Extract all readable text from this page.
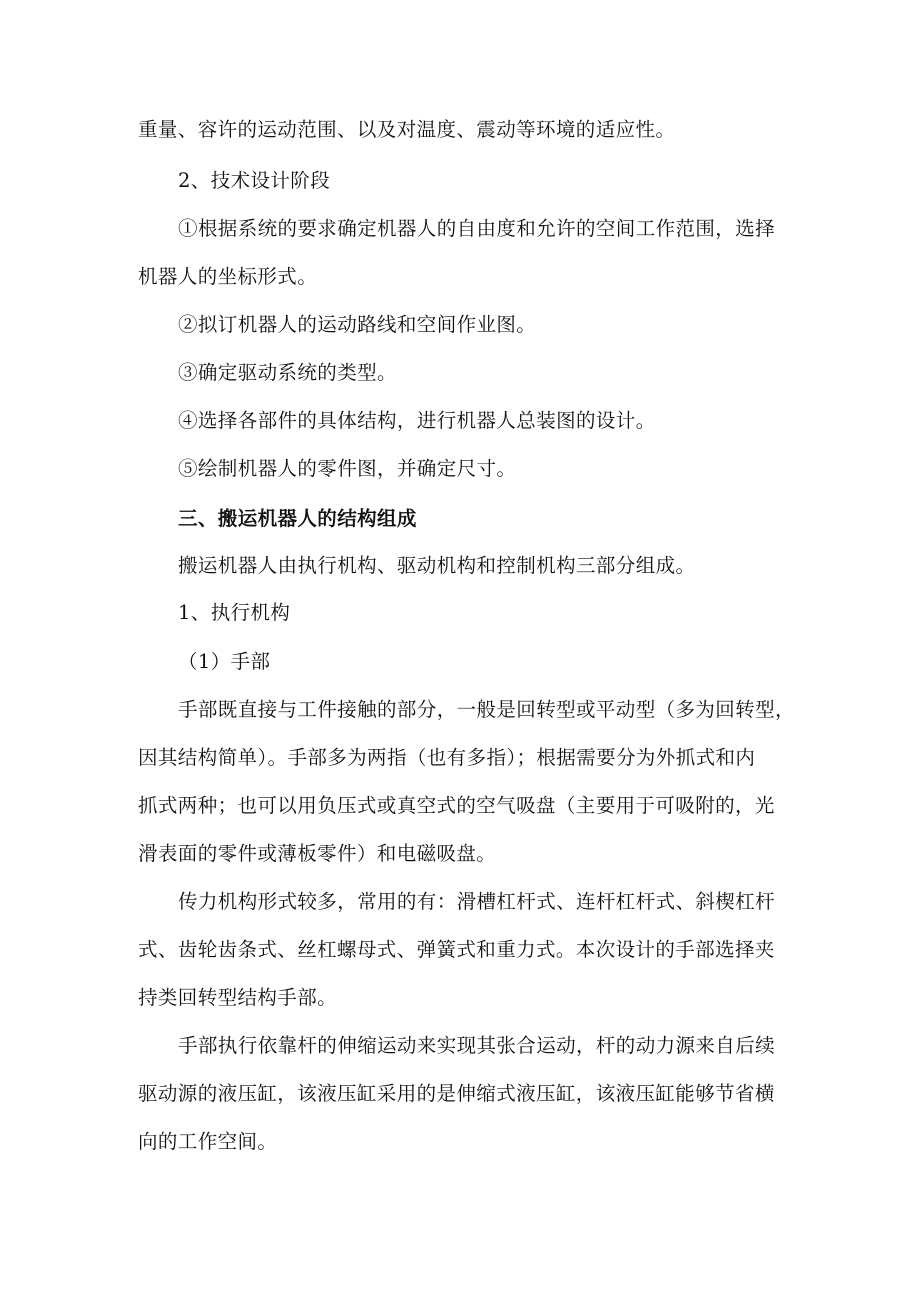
重量、容许的运动范围、以及对温度、震动等环境的适应性。

2、技术设计阶段

①根据系统的要求确定机器人的自由度和允许的空间工作范围，选择

机器人的坐标形式。

②拟订机器人的运动路线和空间作业图。

③确定驱动系统的类型。

④选择各部件的具体结构，进行机器人总装图的设计。

⑤绘制机器人的零件图，并确定尺寸。

三、搬运机器人的结构组成

搬运机器人由执行机构、驱动机构和控制机构三部分组成。

1、执行机构

（1）手部

手部既直接与工件接触的部分，一般是回转型或平动型（多为回转型，

因其结构简单）。手部多为两指（也有多指）；根据需要分为外抓式和内

抓式两种；也可以用负压式或真空式的空气吸盘（主要用于可吸附的，光

滑表面的零件或薄板零件）和电磁吸盘。

传力机构形式较多，常用的有：滑槽杠杆式、连杆杠杆式、斜楔杠杆

式、齿轮齿条式、丝杠螺母式、弹簧式和重力式。本次设计的手部选择夹

持类回转型结构手部。

手部执行依靠杆的伸缩运动来实现其张合运动，杆的动力源来自后续

驱动源的液压缸，该液压缸采用的是伸缩式液压缸，该液压缸能够节省横

向的工作空间。
